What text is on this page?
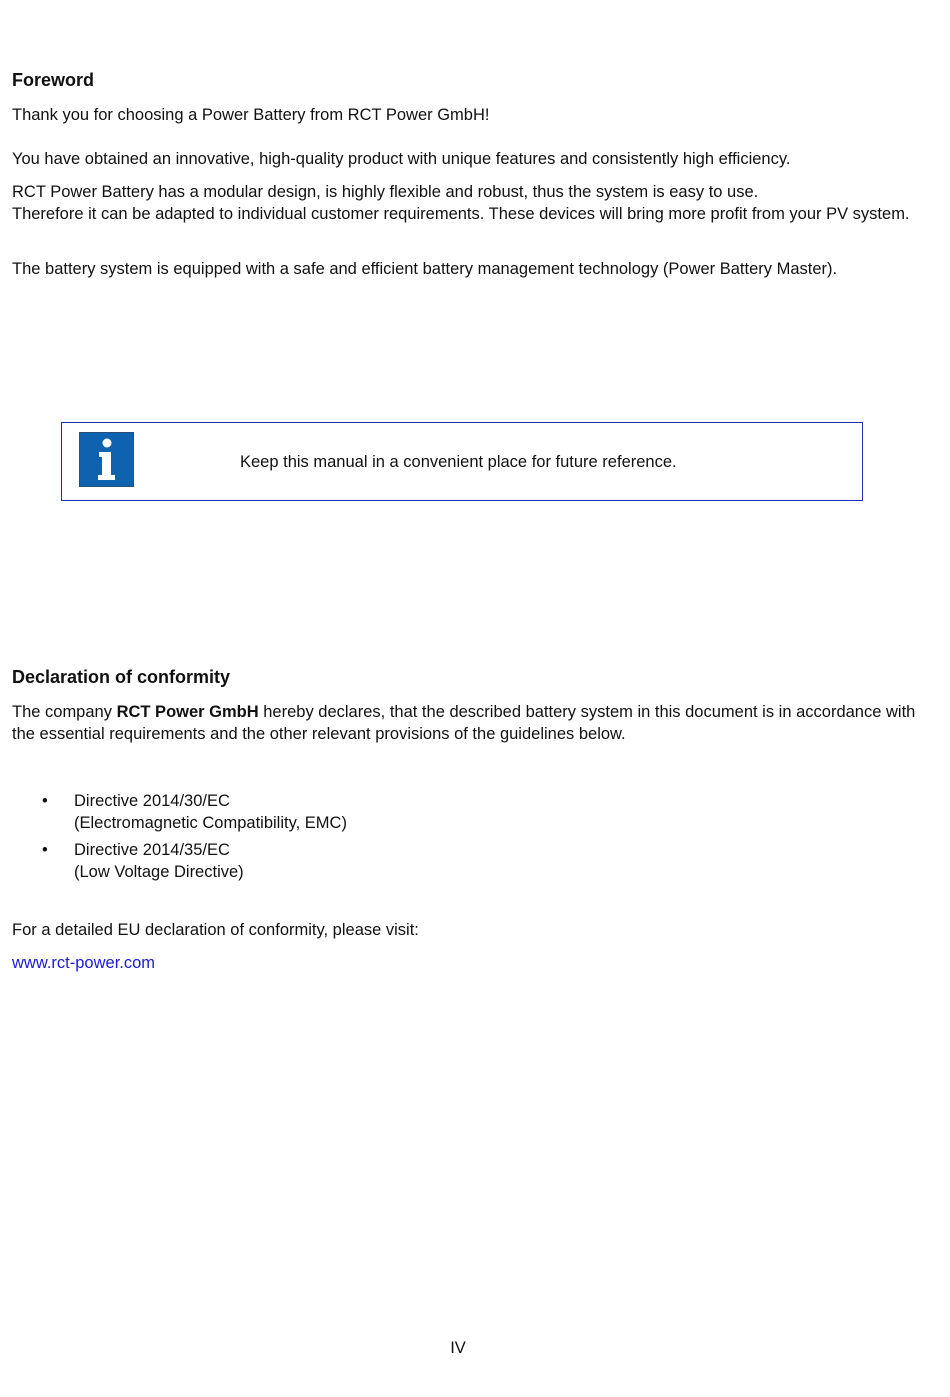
Foreword

Thank you for choosing a Power Battery from RCT Power GmbH!

You have obtained an innovative, high-quality product with unique features and consistently high efficiency.

RCT Power Battery has a modular design, is highly flexible and robust, thus the system is easy to use.
Therefore it can be adapted to individual customer requirements. These devices will bring more profit from your PV system.

The battery system is equipped with a safe and efficient battery management technology (Power Battery Master).

Keep this manual in a convenient place for future reference.
Declaration of conformity

The company RCT Power GmbH hereby declares, that the described battery system in this document is in accordance with the essential requirements and the other relevant provisions of the guidelines below.

• Directive 2014/30/EC
(Electromagnetic Compatibility, EMC)
• Directive 2014/35/EC
(Low Voltage Directive)

For a detailed EU declaration of conformity, please visit:

www.rct-power.com
IV
